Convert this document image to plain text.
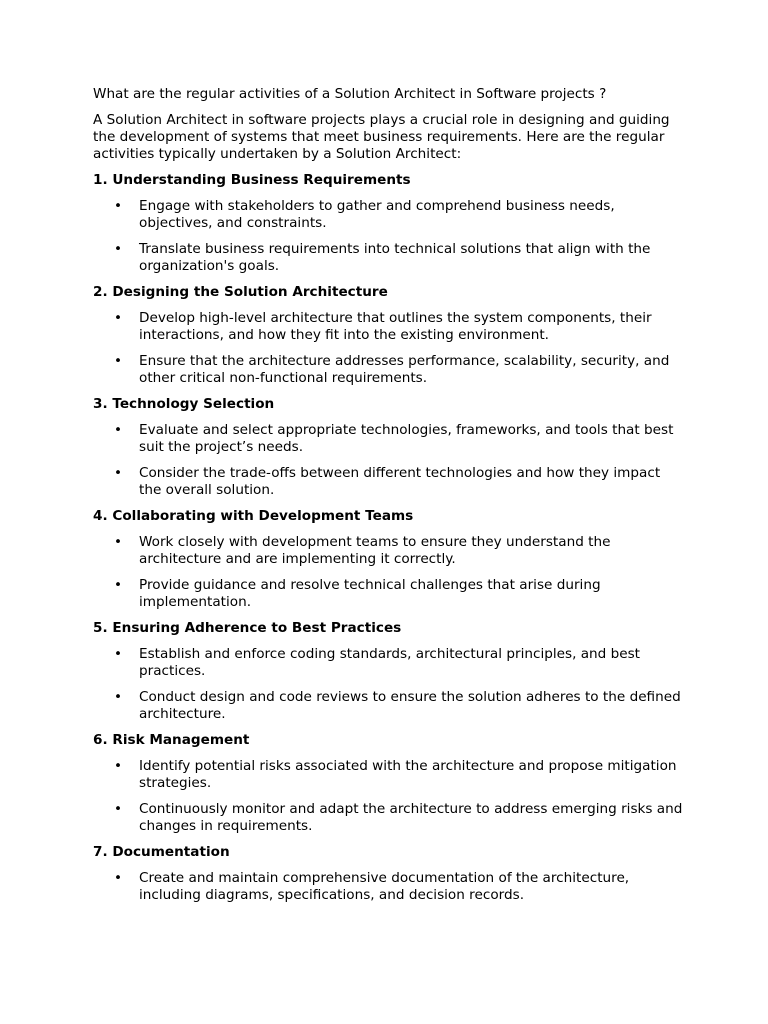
What are the regular activities of a Solution Architect in Software projects ?

A Solution Architect in software projects plays a crucial role in designing and guiding the development of systems that meet business requirements. Here are the regular activities typically undertaken by a Solution Architect:

1. Understanding Business Requirements

• Engage with stakeholders to gather and comprehend business needs, objectives, and constraints.
• Translate business requirements into technical solutions that align with the organization's goals.

2. Designing the Solution Architecture

• Develop high-level architecture that outlines the system components, their interactions, and how they fit into the existing environment.
• Ensure that the architecture addresses performance, scalability, security, and other critical non-functional requirements.

3. Technology Selection

• Evaluate and select appropriate technologies, frameworks, and tools that best suit the project’s needs.
• Consider the trade-offs between different technologies and how they impact the overall solution.

4. Collaborating with Development Teams

• Work closely with development teams to ensure they understand the architecture and are implementing it correctly.
• Provide guidance and resolve technical challenges that arise during implementation.

5. Ensuring Adherence to Best Practices

• Establish and enforce coding standards, architectural principles, and best practices.
• Conduct design and code reviews to ensure the solution adheres to the defined architecture.

6. Risk Management

• Identify potential risks associated with the architecture and propose mitigation strategies.
• Continuously monitor and adapt the architecture to address emerging risks and changes in requirements.

7. Documentation

• Create and maintain comprehensive documentation of the architecture, including diagrams, specifications, and decision records.
